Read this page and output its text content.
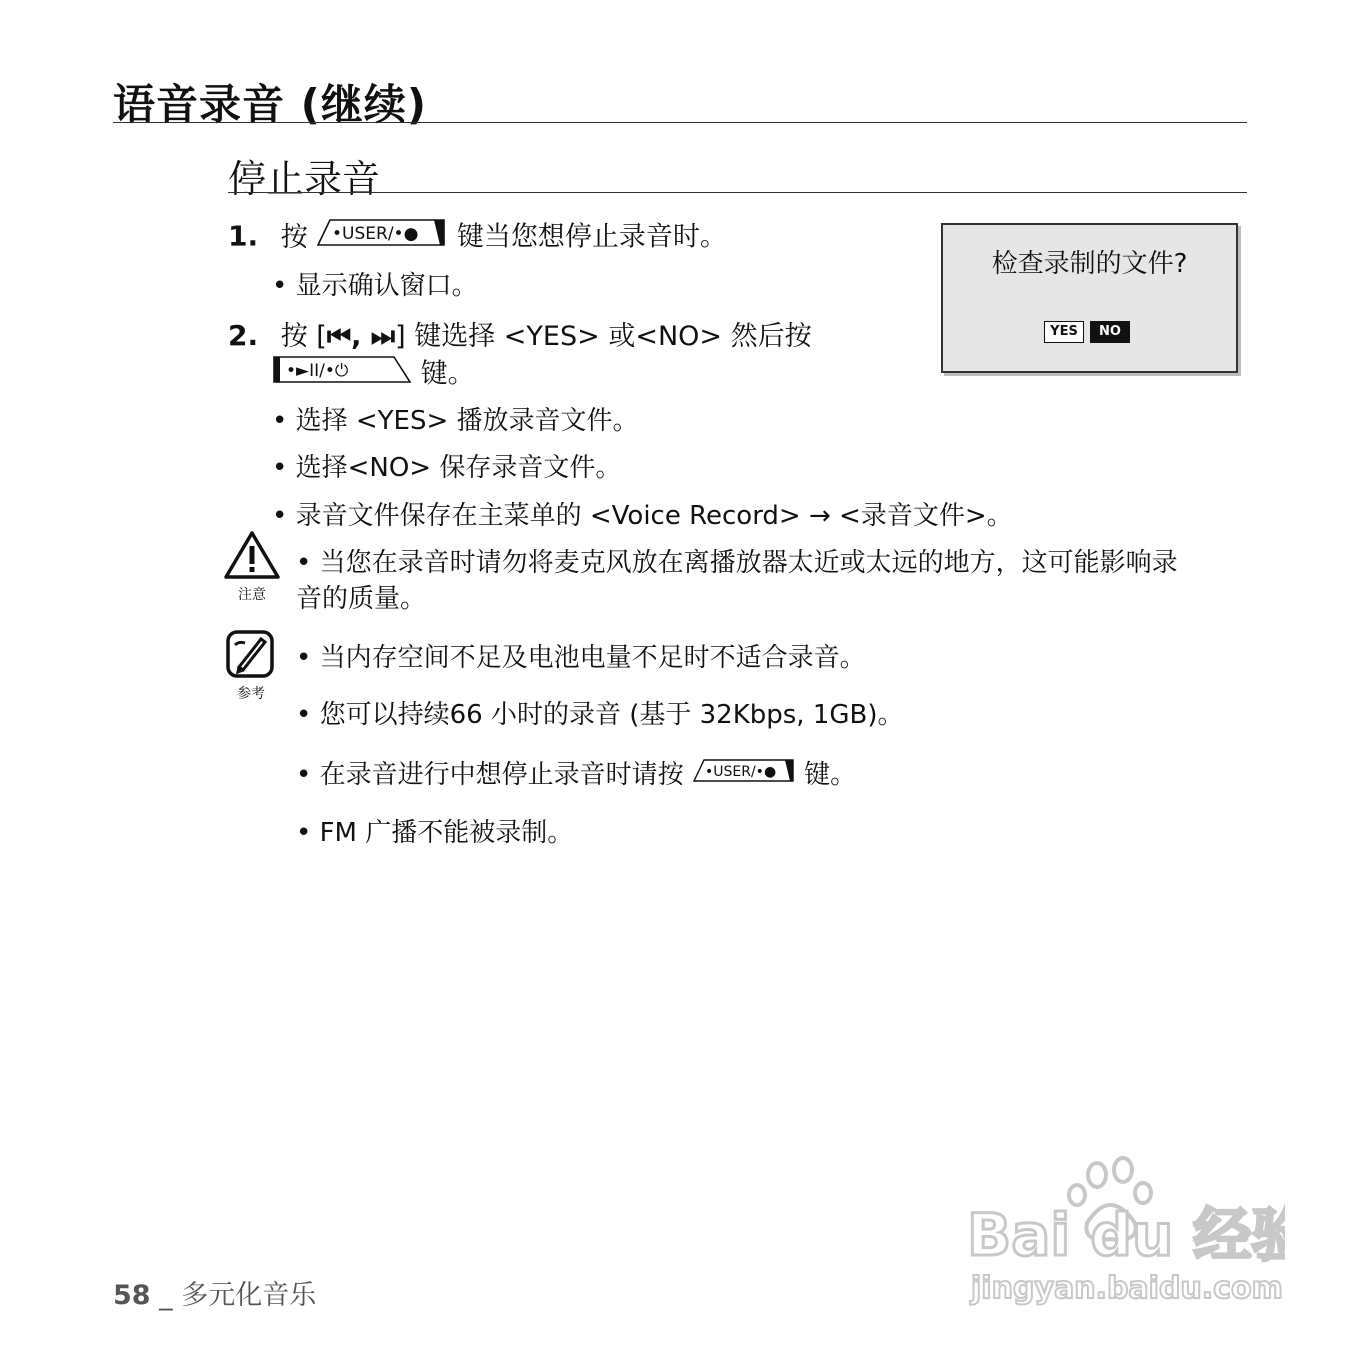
语音录音 (继续)
停止录音
1. 按 •USER/•● 键当您想停止录音时。
• 显示确认窗口。
2. 按 [⏮, ⏭] 键选择 <YES> 或<NO> 然后按
•►II/•⏻	键。
• 选择 <YES> 播放录音文件。
• 选择<NO> 保存录音文件。
• 录音文件保存在主菜单的 <Voice Record> → <录音文件>。
检查录制的文件?
YES	NO
注意
• 当您在录音时请勿将麦克风放在离播放器太近或太远的地方，这可能影响录
音的质量。
参考
• 当内存空间不足及电池电量不足时不适合录音。
• 您可以持续66 小时的录音 (基于 32Kbps, 1GB)。
• 在录音进行中想停止录音时请按 •USER/•● 键。
• FM 广播不能被录制。
58 _ 多元化音乐
Bai du 经验
jingyan.baidu.com
